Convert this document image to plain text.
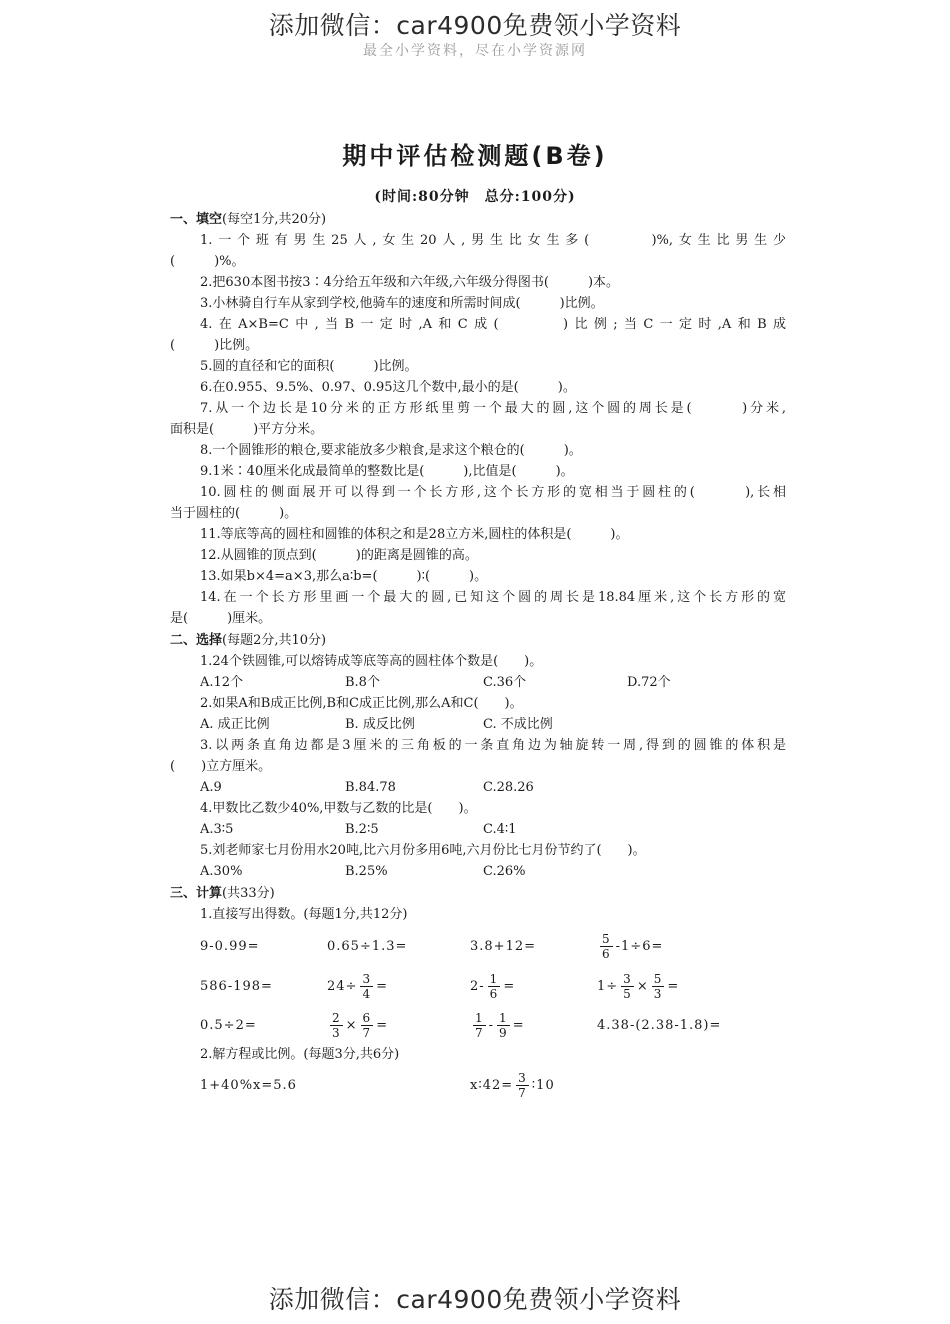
添加微信：car4900免费领小学资料
最全小学资料，尽在小学资源网
期中评估检测题(B卷)
(时间:80分钟　总分:100分)
一、填空(每空1分,共20分)
1.一个班有男生25人,女生20人,男生比女生多(　　　)%,女生比男生少
(　　　)%。
2.把630本图书按3∶4分给五年级和六年级,六年级分得图书(　　　)本。
3.小林骑自行车从家到学校,他骑车的速度和所需时间成(　　　)比例。
4.在A×B=C中,当B一定时,A和C成(　　　)比例;当C一定时,A和B成
(　　　)比例。
5.圆的直径和它的面积(　　　)比例。
6.在0.955、9.5%、0.97、0.95这几个数中,最小的是(　　　)。
7.从一个边长是10分米的正方形纸里剪一个最大的圆,这个圆的周长是(　　　)分米,
面积是(　　　)平方分米。
8.一个圆锥形的粮仓,要求能放多少粮食,是求这个粮仓的(　　　)。
9.1米∶40厘米化成最简单的整数比是(　　　),比值是(　　　)。
10.圆柱的侧面展开可以得到一个长方形,这个长方形的宽相当于圆柱的(　　　),长相
当于圆柱的(　　　)。
11.等底等高的圆柱和圆锥的体积之和是28立方米,圆柱的体积是(　　　)。
12.从圆锥的顶点到(　　　)的距离是圆锥的高。
13.如果b×4=a×3,那么a∶b=(　　　)∶(　　　)。
14.在一个长方形里画一个最大的圆,已知这个圆的周长是18.84厘米,这个长方形的宽
是(　　　)厘米。
二、选择(每题2分,共10分)
1.24个铁圆锥,可以熔铸成等底等高的圆柱体个数是(　　)。
A.12个	B.8个	C.36个	D.72个
2.如果A和B成正比例,B和C成正比例,那么A和C(　　)。
A. 成正比例	B. 成反比例	C. 不成比例
3.以两条直角边都是3厘米的三角板的一条直角边为轴旋转一周,得到的圆锥的体积是
(　　)立方厘米。
A.9	B.84.78	C.28.26
4.甲数比乙数少40%,甲数与乙数的比是(　　)。
A.3∶5	B.2∶5	C.4∶1
5.刘老师家七月份用水20吨,比六月份多用6吨,六月份比七月份节约了(　　)。
A.30%	B.25%	C.26%
三、计算(共33分)
1.直接写出得数。(每题1分,共12分)
9-0.99=	0.65÷1.3=	3.8+12=	$\frac{5}{6} -1\div 6=$
586-198=	$24\div \frac{3}{4}$ =	$2- \frac{1}{6}$ =	$1\div \frac{3}{5} \times \frac{5}{3}$ =
0.5÷2=	$\frac{2}{3} \times \frac{6}{7}$ =	$\frac{1}{7} - \frac{1}{9}$ =	4.38-(2.38-1.8)=
2.解方程或比例。(每题3分,共6分)
1+40%x=5.6	x∶42= $\frac{3}{7}$ ∶10
添加微信：car4900免费领小学资料
